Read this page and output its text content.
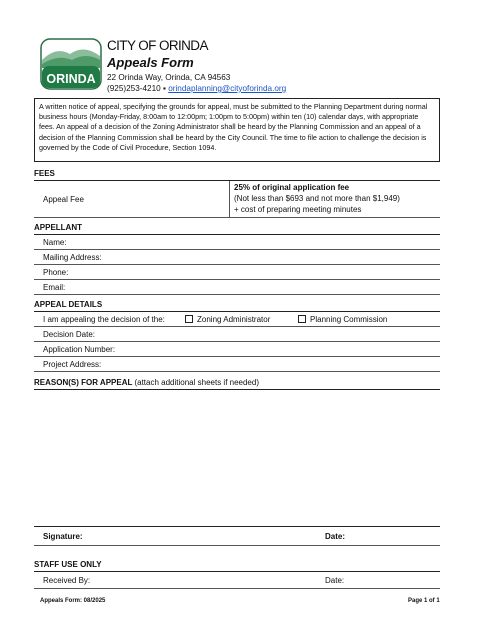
ORINDA
CITY OF ORINDA
Appeals Form
22 Orinda Way, Orinda, CA 94563
(925)253-4210 ▪ orindaplanning@cityoforinda.org
A written notice of appeal, specifying the grounds for appeal, must be submitted to the Planning Department during normal business hours (Monday-Friday, 8:00am to 12:00pm; 1:00pm to 5:00pm) within ten (10) calendar days, with appropriate fees. An appeal of a decision of the Zoning Administrator shall be heard by the Planning Commission and an appeal of a decision of the Planning Commission shall be heard by the City Council. The time to file action to challenge the decision is governed by the Code of Civil Procedure, Section 1094.
FEES
Appeal Fee
25% of original application fee
(Not less than $693 and not more than $1,949)
+ cost of preparing meeting minutes
APPELLANT
Name:
Mailing Address:
Phone:
Email:
APPEAL DETAILS
I am appealing the decision of the:	Zoning Administrator	Planning Commission
Decision Date:
Application Number:
Project Address:
REASON(S) FOR APPEAL (attach additional sheets if needed)
Signature:	Date:
STAFF USE ONLY
Received By:	Date:
Appeals Form: 08/2025	Page 1 of 1
